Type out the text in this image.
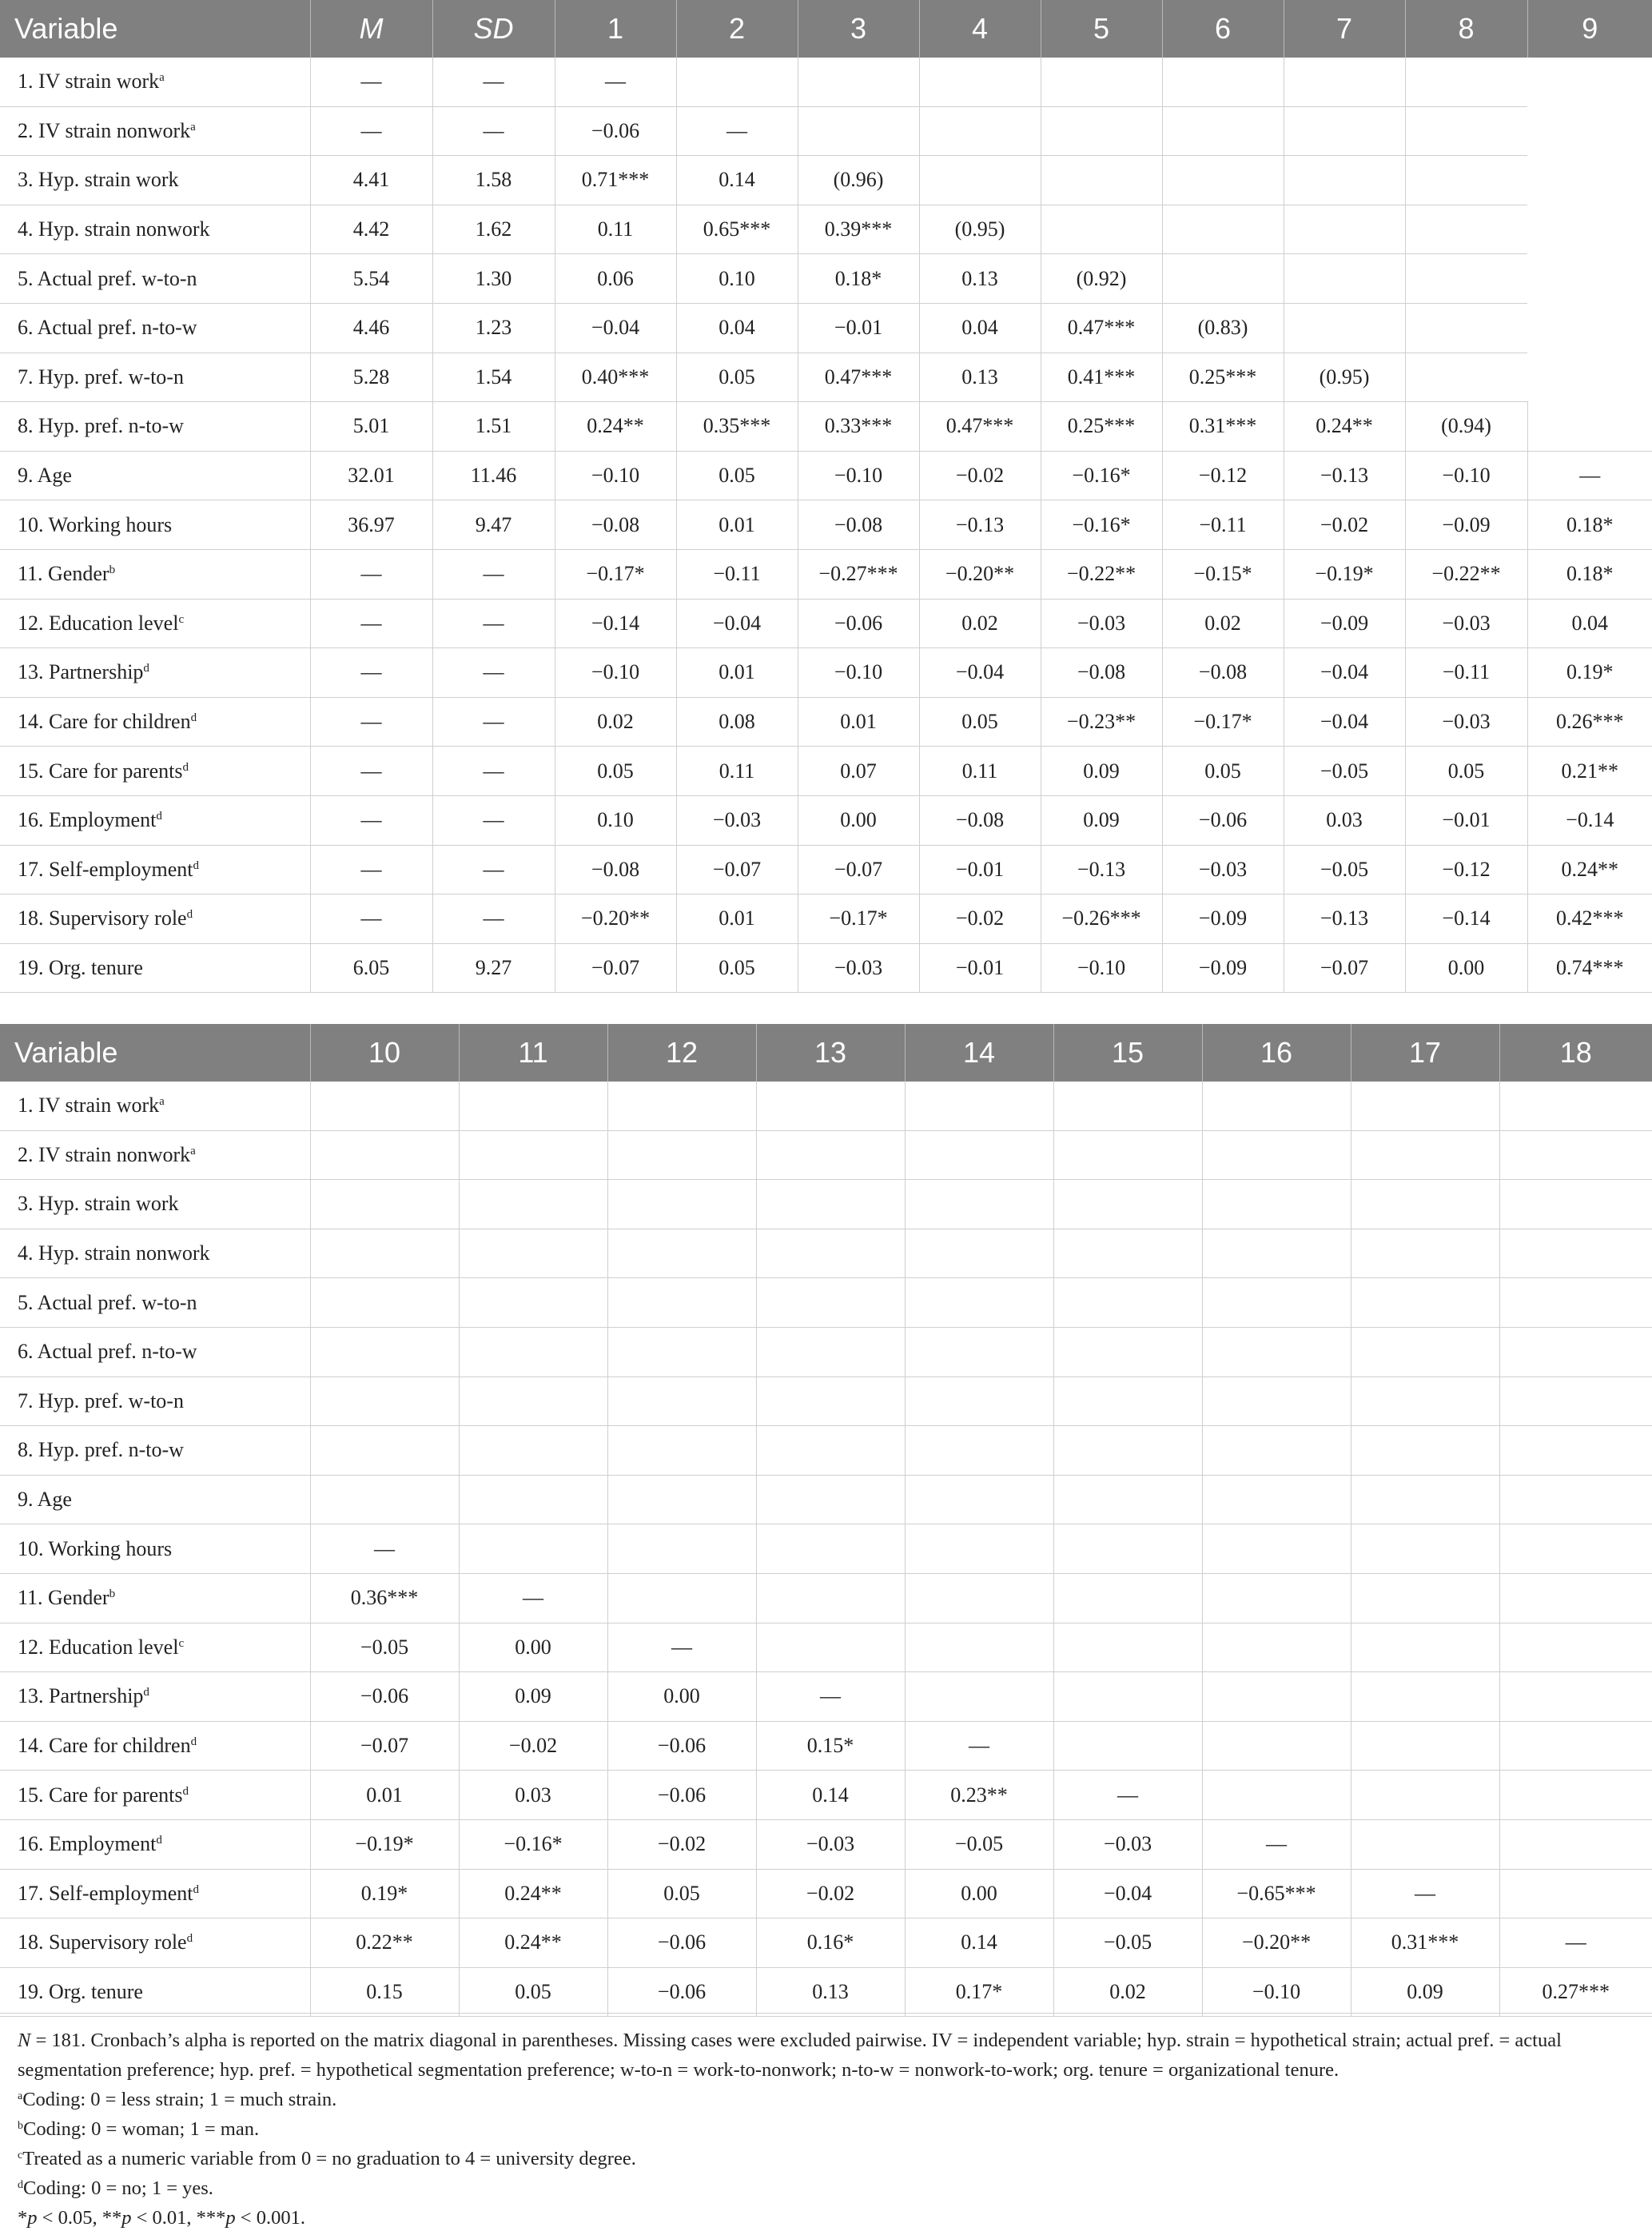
Variable	M	SD	1	2	3	4	5	6	7	8	9
1. IV strain work$^a$	—	—	—								
2. IV strain nonwork$^a$	—	—	−0.06	—							
3. Hyp. strain work	4.41	1.58	0.71***	0.14	(0.96)						
4. Hyp. strain nonwork	4.42	1.62	0.11	0.65***	0.39***	(0.95)					
5. Actual pref. w-to-n	5.54	1.30	0.06	0.10	0.18*	0.13	(0.92)				
6. Actual pref. n-to-w	4.46	1.23	−0.04	0.04	−0.01	0.04	0.47***	(0.83)			
7. Hyp. pref. w-to-n	5.28	1.54	0.40***	0.05	0.47***	0.13	0.41***	0.25***	(0.95)		
8. Hyp. pref. n-to-w	5.01	1.51	0.24**	0.35***	0.33***	0.47***	0.25***	0.31***	0.24**	(0.94)	
9. Age	32.01	11.46	−0.10	0.05	−0.10	−0.02	−0.16*	−0.12	−0.13	−0.10	—
10. Working hours	36.97	9.47	−0.08	0.01	−0.08	−0.13	−0.16*	−0.11	−0.02	−0.09	0.18*
11. Gender$^b$	—	—	−0.17*	−0.11	−0.27***	−0.20**	−0.22**	−0.15*	−0.19*	−0.22**	0.18*
12. Education level$^c$	—	—	−0.14	−0.04	−0.06	0.02	−0.03	0.02	−0.09	−0.03	0.04
13. Partnership$^d$	—	—	−0.10	0.01	−0.10	−0.04	−0.08	−0.08	−0.04	−0.11	0.19*
14. Care for children$^d$	—	—	0.02	0.08	0.01	0.05	−0.23**	−0.17*	−0.04	−0.03	0.26***
15. Care for parents$^d$	—	—	0.05	0.11	0.07	0.11	0.09	0.05	−0.05	0.05	0.21**
16. Employment$^d$	—	—	0.10	−0.03	0.00	−0.08	0.09	−0.06	0.03	−0.01	−0.14
17. Self-employment$^d$	—	—	−0.08	−0.07	−0.07	−0.01	−0.13	−0.03	−0.05	−0.12	0.24**
18. Supervisory role$^d$	—	—	−0.20**	0.01	−0.17*	−0.02	−0.26***	−0.09	−0.13	−0.14	0.42***
19. Org. tenure	6.05	9.27	−0.07	0.05	−0.03	−0.01	−0.10	−0.09	−0.07	0.00	0.74***
Variable	10	11	12	13	14	15	16	17	18
1. IV strain work$^a$									
2. IV strain nonwork$^a$									
3. Hyp. strain work									
4. Hyp. strain nonwork									
5. Actual pref. w-to-n									
6. Actual pref. n-to-w									
7. Hyp. pref. w-to-n									
8. Hyp. pref. n-to-w									
9. Age									
10. Working hours	—								
11. Gender$^b$	0.36***	—							
12. Education level$^c$	−0.05	0.00	—						
13. Partnership$^d$	−0.06	0.09	0.00	—					
14. Care for children$^d$	−0.07	−0.02	−0.06	0.15*	—				
15. Care for parents$^d$	0.01	0.03	−0.06	0.14	0.23**	—			
16. Employment$^d$	−0.19*	−0.16*	−0.02	−0.03	−0.05	−0.03	—		
17. Self-employment$^d$	0.19*	0.24**	0.05	−0.02	0.00	−0.04	−0.65***	—	
18. Supervisory role$^d$	0.22**	0.24**	−0.06	0.16*	0.14	−0.05	−0.20**	0.31***	—
19. Org. tenure	0.15	0.05	−0.06	0.13	0.17*	0.02	−0.10	0.09	0.27***

N = 181. Cronbach’s alpha is reported on the matrix diagonal in parentheses. Missing cases were excluded pairwise. IV = independent variable; hyp. strain = hypothetical strain; actual pref. = actual segmentation preference; hyp. pref. = hypothetical segmentation preference; w-to-n = work-to-nonwork; n-to-w = nonwork-to-work; org. tenure = organizational tenure.

$^a$Coding: 0 = less strain; 1 = much strain.

$^b$Coding: 0 = woman; 1 = man.

$^c$Treated as a numeric variable from 0 = no graduation to 4 = university degree.

$^d$Coding: 0 = no; 1 = yes.

*p < 0.05, **p < 0.01, ***p < 0.001.
